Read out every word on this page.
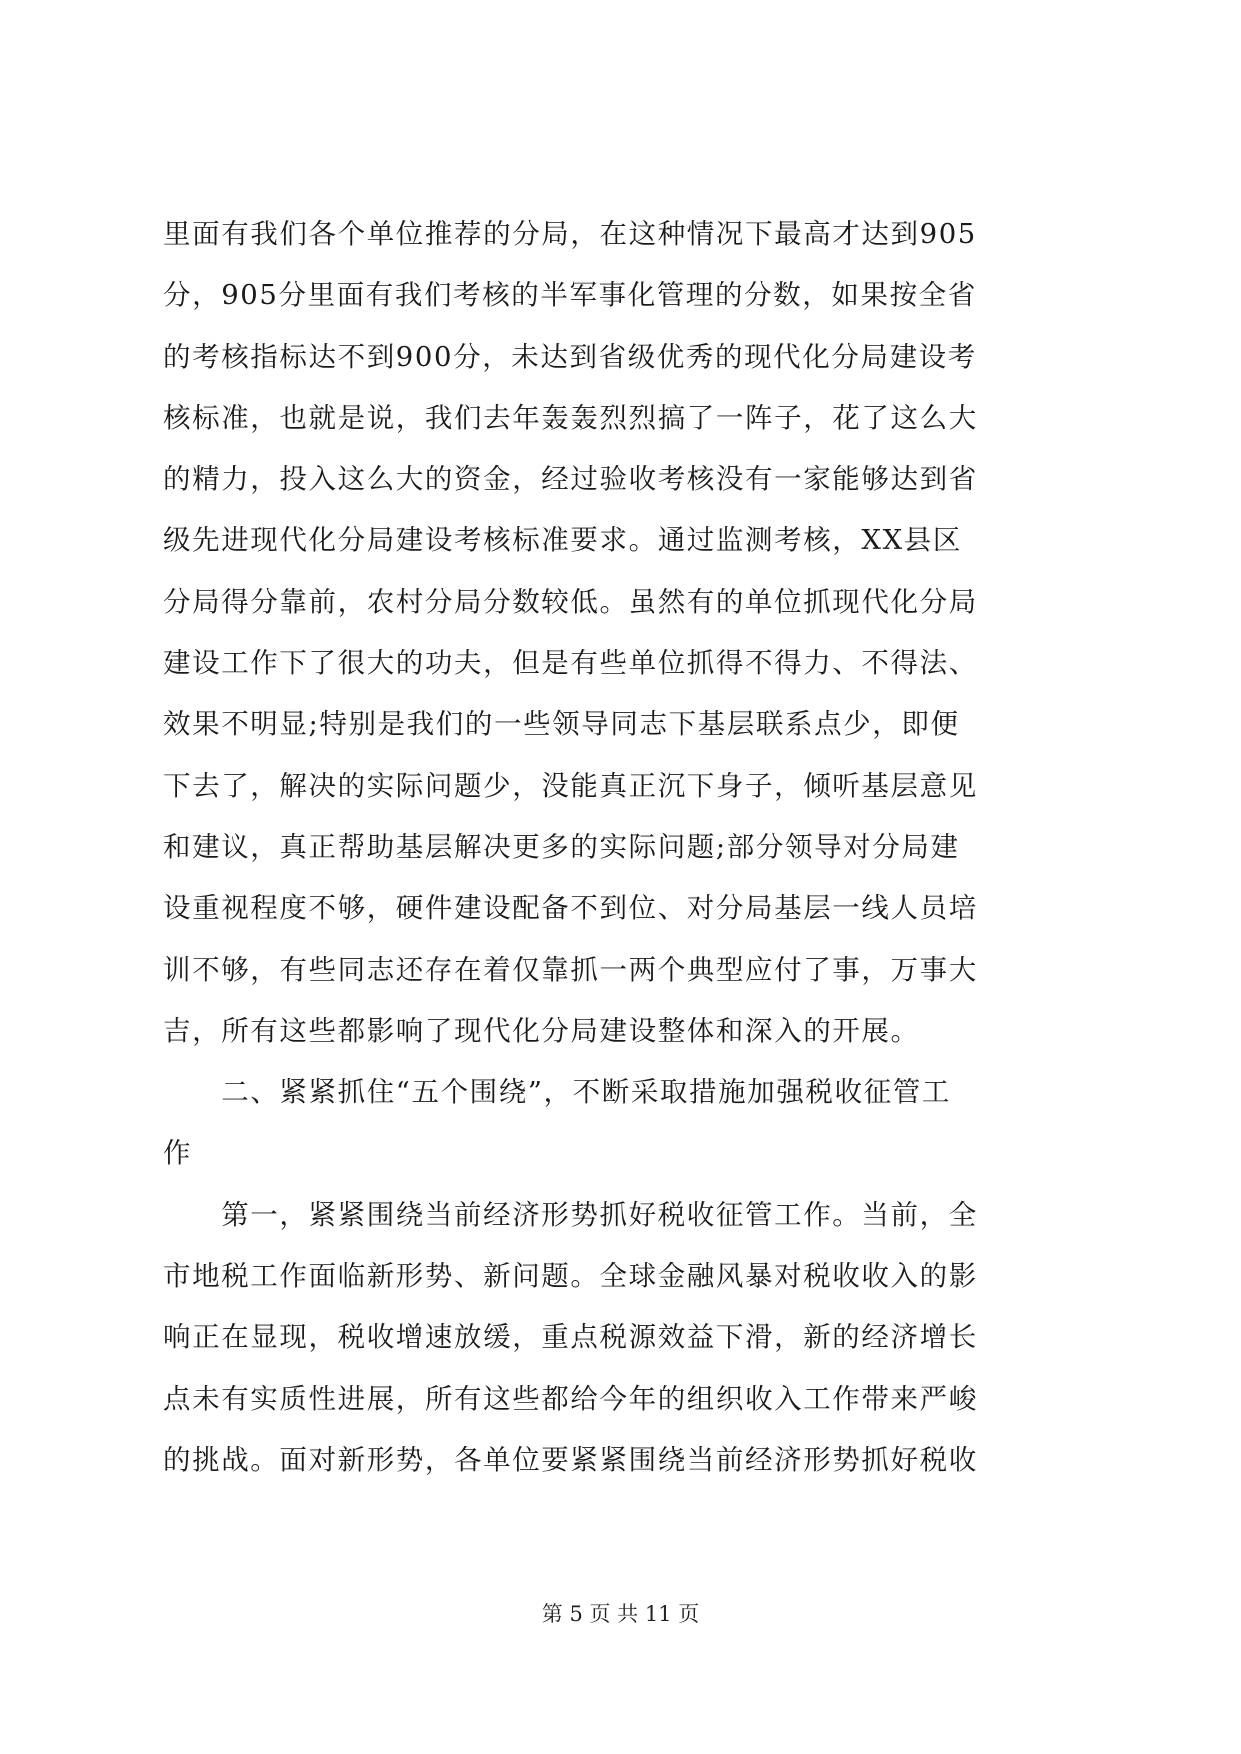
里面有我们各个单位推荐的分局，在这种情况下最高才达到905
分，905分里面有我们考核的半军事化管理的分数，如果按全省
的考核指标达不到900分，未达到省级优秀的现代化分局建设考
核标准，也就是说，我们去年轰轰烈烈搞了一阵子，花了这么大
的精力，投入这么大的资金，经过验收考核没有一家能够达到省
级先进现代化分局建设考核标准要求。通过监测考核，XX县区
分局得分靠前，农村分局分数较低。虽然有的单位抓现代化分局
建设工作下了很大的功夫，但是有些单位抓得不得力、不得法、
效果不明显;特别是我们的一些领导同志下基层联系点少，即便
下去了，解决的实际问题少，没能真正沉下身子，倾听基层意见
和建议，真正帮助基层解决更多的实际问题;部分领导对分局建
设重视程度不够，硬件建设配备不到位、对分局基层一线人员培
训不够，有些同志还存在着仅靠抓一两个典型应付了事，万事大
吉，所有这些都影响了现代化分局建设整体和深入的开展。
　　二、紧紧抓住“五个围绕”，不断采取措施加强税收征管工
作
　　第一，紧紧围绕当前经济形势抓好税收征管工作。当前，全
市地税工作面临新形势、新问题。全球金融风暴对税收收入的影
响正在显现，税收增速放缓，重点税源效益下滑，新的经济增长
点未有实质性进展，所有这些都给今年的组织收入工作带来严峻
的挑战。面对新形势，各单位要紧紧围绕当前经济形势抓好税收
第 5 页 共 11 页
